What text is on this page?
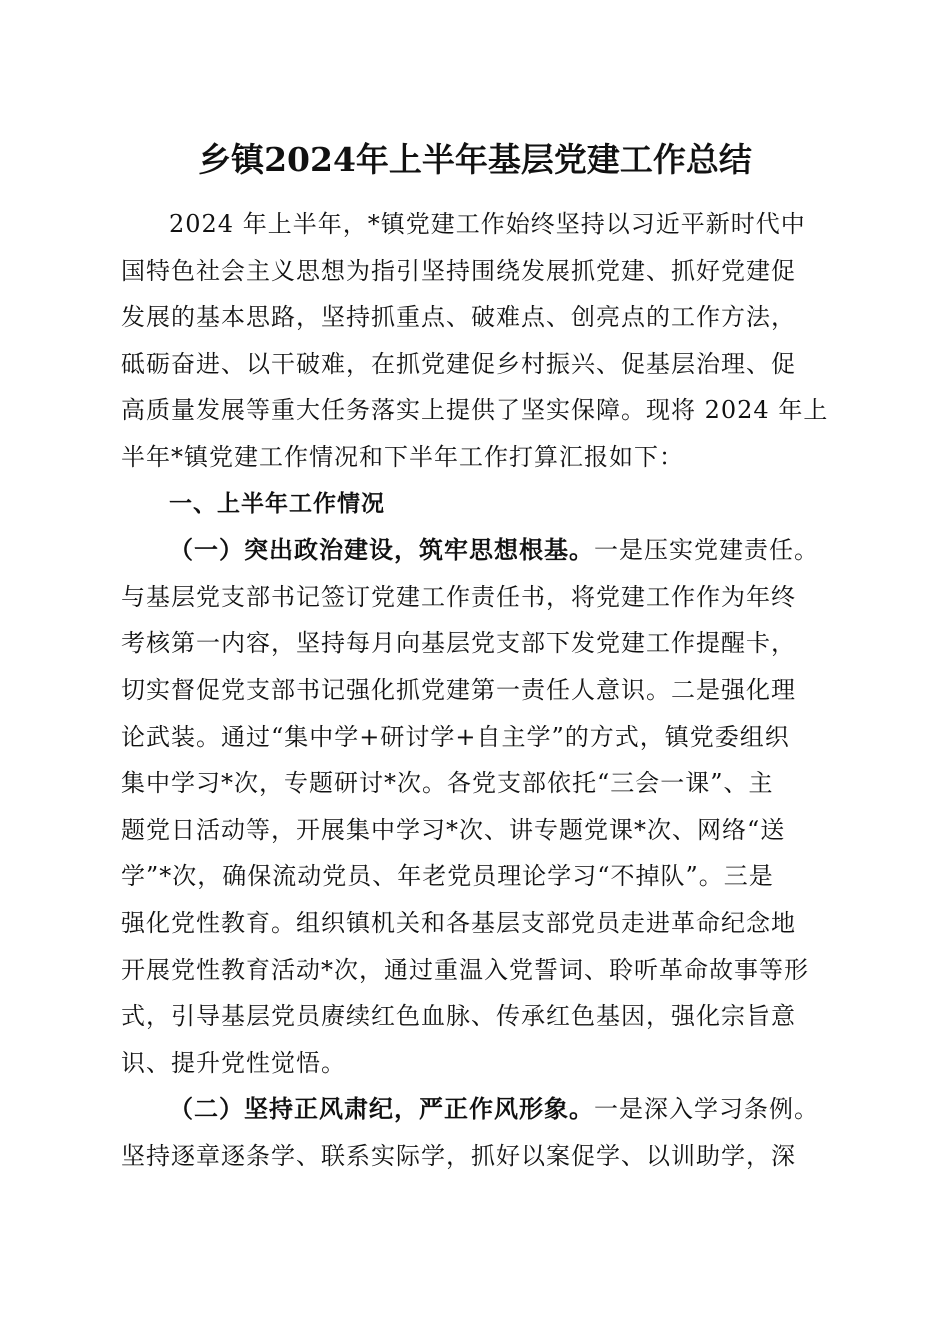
乡镇2024年上半年基层党建工作总结
2024 年上半年，*镇党建工作始终坚持以习近平新时代中
国特色社会主义思想为指引坚持围绕发展抓党建、抓好党建促
发展的基本思路，坚持抓重点、破难点、创亮点的工作方法，
砥砺奋进、以干破难，在抓党建促乡村振兴、促基层治理、促
高质量发展等重大任务落实上提供了坚实保障。现将 2024 年上
半年*镇党建工作情况和下半年工作打算汇报如下：
一、上半年工作情况
（一）突出政治建设，筑牢思想根基。一是压实党建责任。
与基层党支部书记签订党建工作责任书，将党建工作作为年终
考核第一内容，坚持每月向基层党支部下发党建工作提醒卡，
切实督促党支部书记强化抓党建第一责任人意识。二是强化理
论武装。通过“集中学+研讨学+自主学”的方式，镇党委组织
集中学习*次，专题研讨*次。各党支部依托“三会一课”、主
题党日活动等，开展集中学习*次、讲专题党课*次、网络“送
学”*次，确保流动党员、年老党员理论学习“不掉队”。三是
强化党性教育。组织镇机关和各基层支部党员走进革命纪念地
开展党性教育活动*次，通过重温入党誓词、聆听革命故事等形
式，引导基层党员赓续红色血脉、传承红色基因，强化宗旨意
识、提升党性觉悟。
（二）坚持正风肃纪，严正作风形象。一是深入学习条例。
坚持逐章逐条学、联系实际学，抓好以案促学、以训助学，深
